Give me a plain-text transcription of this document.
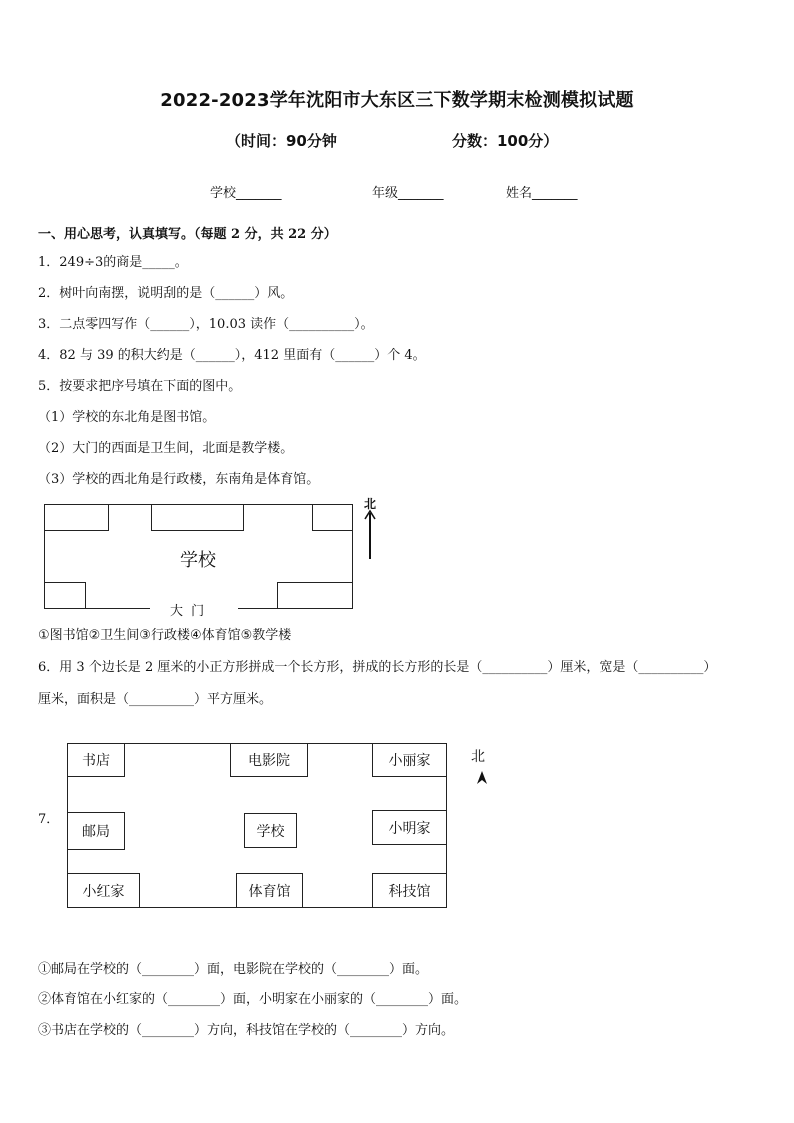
2022-2023学年沈阳市大东区三下数学期末检测模拟试题
（时间：90分钟	分数：100分）
学校_______	年级_______	姓名_______
一、用心思考，认真填写。（每题 2 分，共 22 分）
1．249÷3的商是_____。
2．树叶向南摆，说明刮的是（______）风。
3．二点零四写作（______），10.03 读作（__________）。
4．82 与 39 的积大约是（______），412 里面有（______）个 4。
5．按要求把序号填在下面的图中。
（1）学校的东北角是图书馆。
（2）大门的西面是卫生间，北面是教学楼。
（3）学校的西北角是行政楼，东南角是体育馆。
学校
大 门
北
①图书馆②卫生间③行政楼④体育馆⑤教学楼
6．用 3 个边长是 2 厘米的小正方形拼成一个长方形，拼成的长方形的长是（__________）厘米，宽是（__________）
厘米，面积是（__________）平方厘米。
7．
书店	电影院	小丽家
邮局	学校	小明家
小红家	体育馆	科技馆
北
①邮局在学校的（________）面，电影院在学校的（________）面。
②体育馆在小红家的（________）面，小明家在小丽家的（________）面。
③书店在学校的（________）方向，科技馆在学校的（________）方向。
